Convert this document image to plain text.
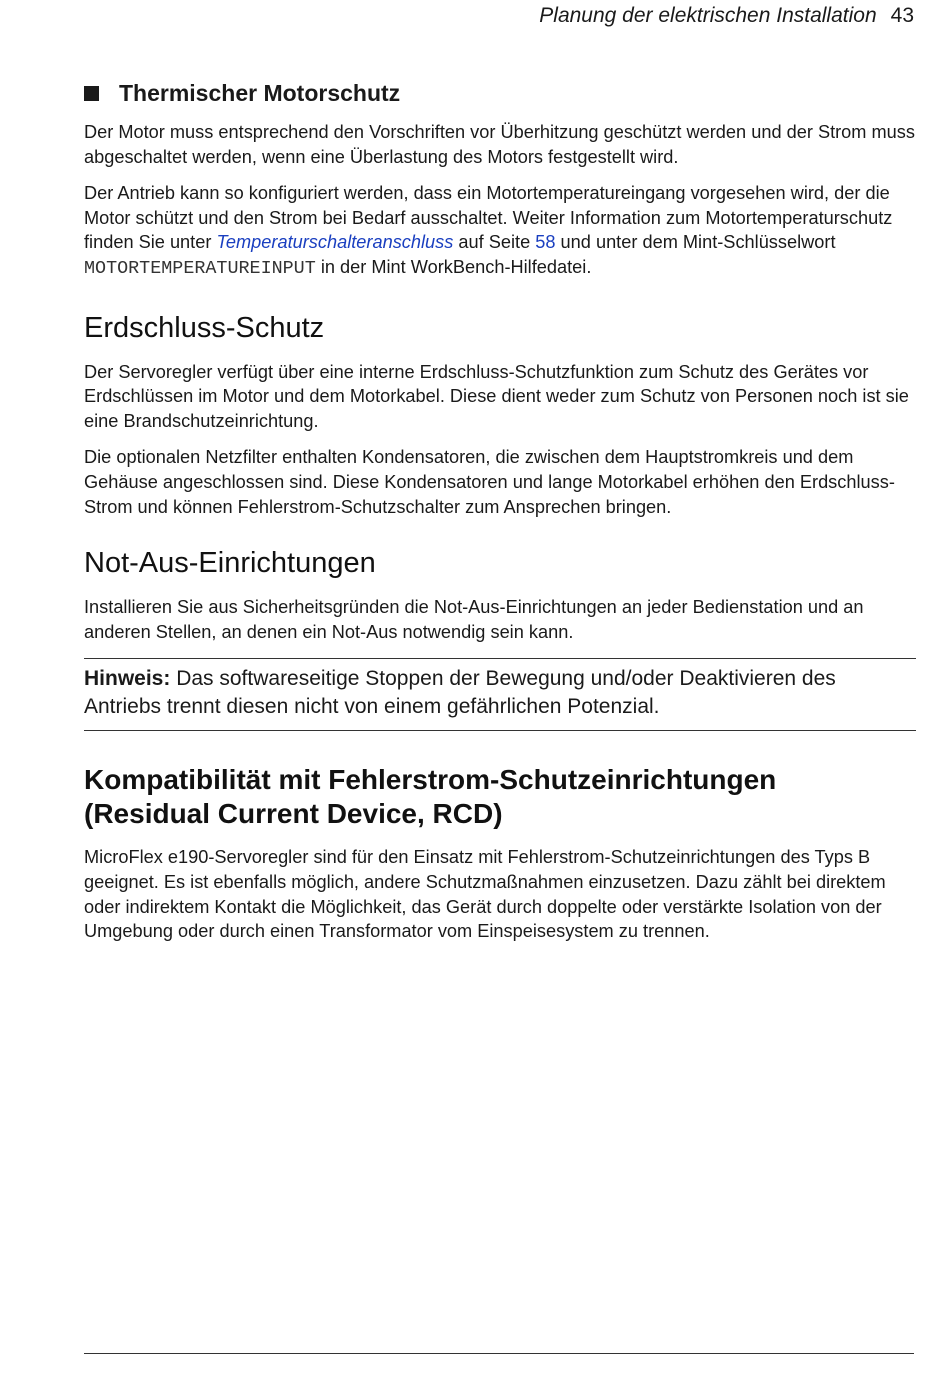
Planung der elektrischen Installation 43
Thermischer Motorschutz

Der Motor muss entsprechend den Vorschriften vor Überhitzung geschützt werden und der Strom muss abgeschaltet werden, wenn eine Überlastung des Motors festgestellt wird.

Der Antrieb kann so konfiguriert werden, dass ein Motortemperatureingang vorgesehen wird, der die Motor schützt und den Strom bei Bedarf ausschaltet. Weiter Information zum Motortemperaturschutz finden Sie unter Temperaturschalteranschluss auf Seite 58 und unter dem Mint-Schlüsselwort MOTORTEMPERATUREINPUT in der Mint WorkBench-Hilfedatei.

Erdschluss-Schutz

Der Servoregler verfügt über eine interne Erdschluss-Schutzfunktion zum Schutz des Gerätes vor Erdschlüssen im Motor und dem Motorkabel. Diese dient weder zum Schutz von Personen noch ist sie eine Brandschutzeinrichtung.

Die optionalen Netzfilter enthalten Kondensatoren, die zwischen dem Hauptstromkreis und dem Gehäuse angeschlossen sind. Diese Kondensatoren und lange Motorkabel erhöhen den Erdschluss-Strom und können Fehlerstrom-Schutzschalter zum Ansprechen bringen.

Not-Aus-Einrichtungen

Installieren Sie aus Sicherheitsgründen die Not-Aus-Einrichtungen an jeder Bedienstation und an anderen Stellen, an denen ein Not-Aus notwendig sein kann.

Hinweis: Das softwareseitige Stoppen der Bewegung und/oder Deaktivieren des Antriebs trennt diesen nicht von einem gefährlichen Potenzial.
Kompatibilität mit Fehlerstrom-Schutzeinrichtungen
(Residual Current Device, RCD)

MicroFlex e190-Servoregler sind für den Einsatz mit Fehlerstrom-Schutzeinrichtungen des Typs B geeignet. Es ist ebenfalls möglich, andere Schutzmaßnahmen einzusetzen. Dazu zählt bei direktem oder indirektem Kontakt die Möglichkeit, das Gerät durch doppelte oder verstärkte Isolation von der Umgebung oder durch einen Transformator vom Einspeisesystem zu trennen.
